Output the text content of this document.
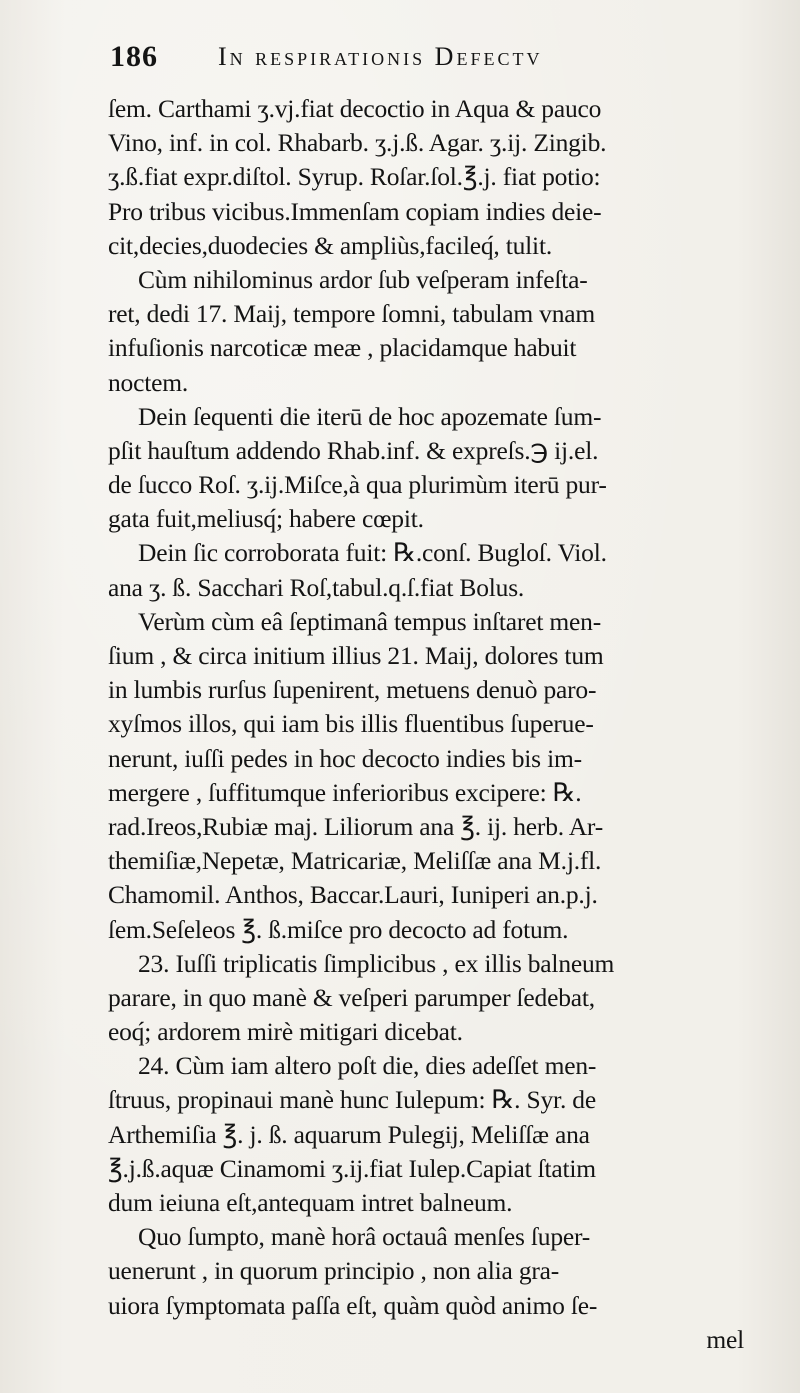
186 In respirationis Defectv
ſem. Carthami ʒ.vj.fiat decoctio in Aqua & pauco
Vino, inf. in col. Rhabarb. ʒ.j.ß. Agar. ʒ.ij. Zingib.
ʒ.ß.fiat expr.diſtol. Syrup. Roſar.ſol.℥.j. fiat potio:
Pro tribus vicibus.Immenſam copiam indies deie-
cit,decies,duodecies & ampliùs,facileq́, tulit.
Cùm nihilominus ardor ſub veſperam infeſta-
ret, dedi 17. Maij, tempore ſomni, tabulam vnam
infuſionis narcoticæ meæ , placidamque habuit
noctem.
Dein ſequenti die iterū de hoc apozemate ſum-
pſit hauſtum addendo Rhab.inf. & expreſs.℈ ij.el.
de ſucco Roſ. ʒ.ij.Miſce,à qua plurimùm iterū pur-
gata fuit,meliusq́; habere cœpit.
Dein ſic corroborata fuit: ℞.conſ. Bugloſ. Viol.
ana ʒ. ß. Sacchari Roſ,tabul.q.ſ.fiat Bolus.
Verùm cùm eâ ſeptimanâ tempus inſtaret men-
ſium , & circa initium illius 21. Maij, dolores tum
in lumbis rurſus ſupenirent, metuens denuò paro-
xyſmos illos, qui iam bis illis fluentibus ſuperue-
nerunt, iuſſi pedes in hoc decocto indies bis im-
mergere , ſuffitumque inferioribus excipere: ℞.
rad.Ireos,Rubiæ maj. Liliorum ana ℥. ij. herb. Ar-
themiſiæ,Nepetæ, Matricariæ, Meliſſæ ana M.j.fl.
Chamomil. Anthos, Baccar.Lauri, Iuniperi an.p.j.
ſem.Seſeleos ℥. ß.miſce pro decocto ad fotum.
23. Iuſſi triplicatis ſimplicibus , ex illis balneum
parare, in quo manè & veſperi parumper ſedebat,
eoq́; ardorem mirè mitigari dicebat.
24. Cùm iam altero poſt die, dies adeſſet men-
ſtruus, propinaui manè hunc Iulepum: ℞. Syr. de
Arthemiſia ℥. j. ß. aquarum Pulegij, Meliſſæ ana
℥.j.ß.aquæ Cinamomi ʒ.ij.fiat Iulep.Capiat ſtatim
dum ieiuna eſt,antequam intret balneum.
Quo ſumpto, manè horâ octauâ menſes ſuper-
uenerunt , in quorum principio , non alia gra-
uiora ſymptomata paſſa eſt, quàm quòd animo ſe-
mel
